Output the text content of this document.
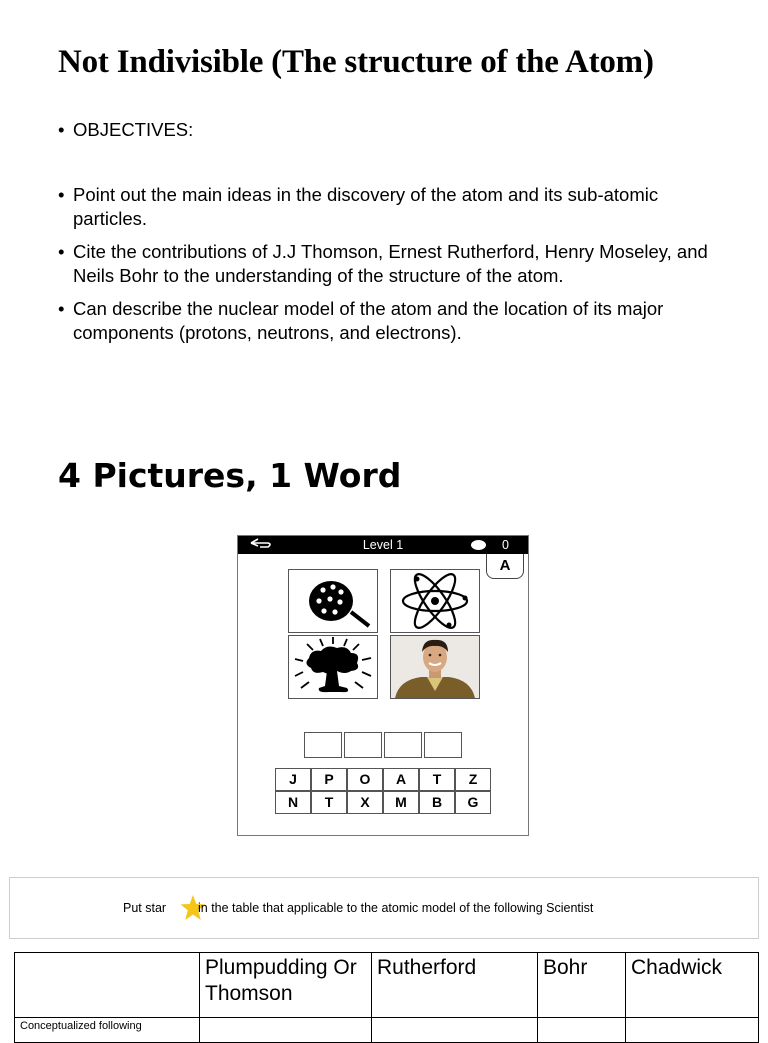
Not Indivisible (The structure of the Atom)
• OBJECTIVES:
• Point out the main ideas in the discovery of the atom and its sub-atomic particles.
• Cite the contributions of J.J Thomson, Ernest Rutherford, Henry Moseley, and Neils Bohr to the understanding of the structure of the atom.
• Can describe the nuclear model of the atom and the location of its major components (protons, neutrons, and electrons).
4 Pictures, 1 Word
Level 1	0
A
J	P	O	A	T	Z
N	T	X	M	B	G
Put star	in the table that applicable to the atomic model of the following Scientist
	Plumpudding Or Thomson	Rutherford	Bohr	Chadwick
Conceptualized following				
